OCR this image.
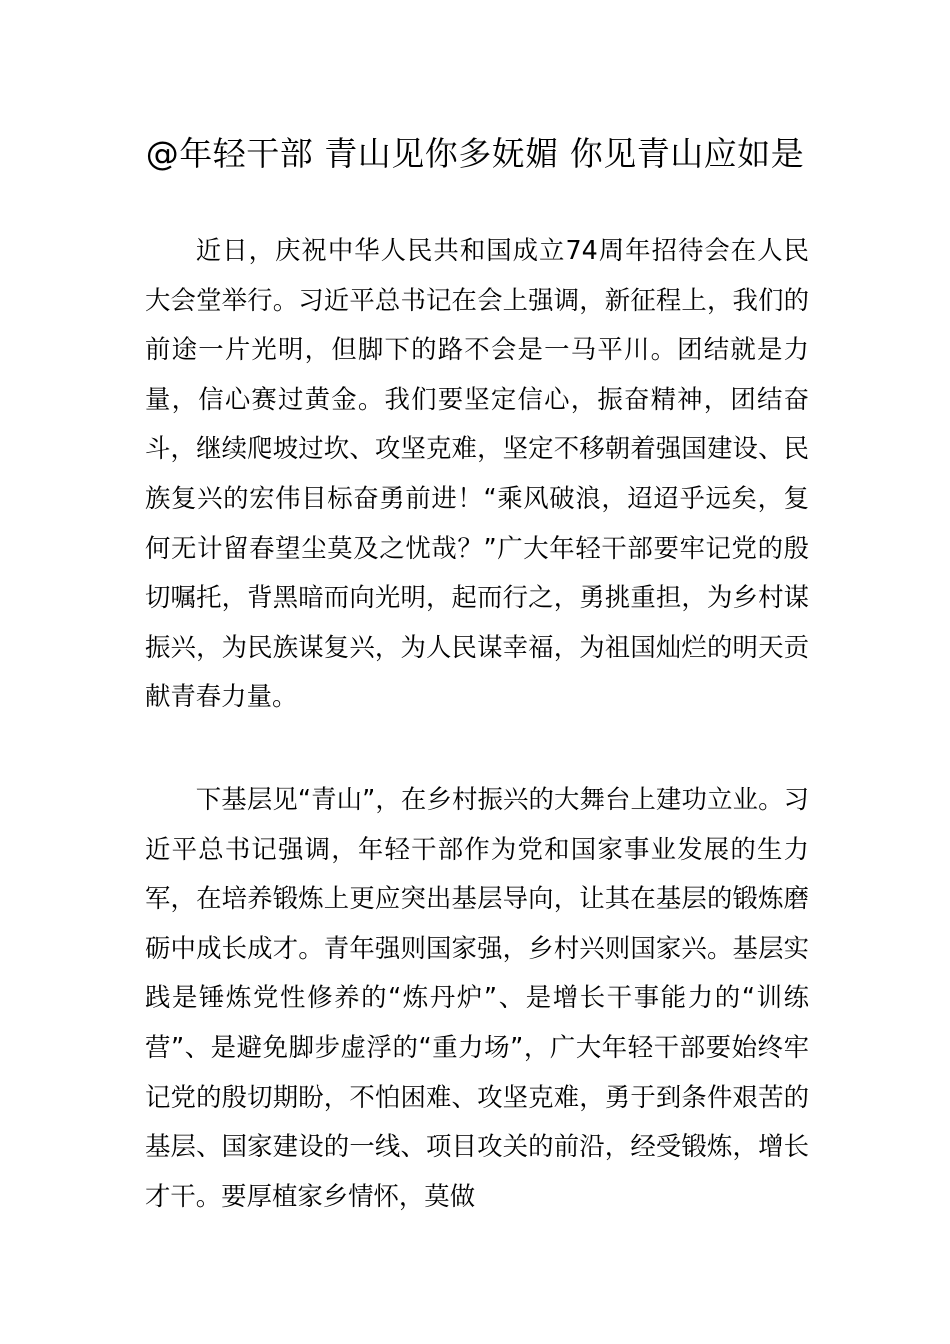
@年轻干部 青山见你多妩媚 你见青山应如是

近日，庆祝中华人民共和国成立74周年招待会在人民大会堂举行。习近平总书记在会上强调，新征程上，我们的前途一片光明，但脚下的路不会是一马平川。团结就是力量，信心赛过黄金。我们要坚定信心，振奋精神，团结奋斗，继续爬坡过坎、攻坚克难，坚定不移朝着强国建设、民族复兴的宏伟目标奋勇前进！“乘风破浪，迢迢乎远矣，复何无计留春望尘莫及之忧哉？”广大年轻干部要牢记党的殷切嘱托，背黑暗而向光明，起而行之，勇挑重担，为乡村谋振兴，为民族谋复兴，为人民谋幸福，为祖国灿烂的明天贡献青春力量。

下基层见“青山”，在乡村振兴的大舞台上建功立业。习近平总书记强调，年轻干部作为党和国家事业发展的生力军，在培养锻炼上更应突出基层导向，让其在基层的锻炼磨砺中成长成才。青年强则国家强，乡村兴则国家兴。基层实践是锤炼党性修养的“炼丹炉”、是增长干事能力的“训练营”、是避免脚步虚浮的“重力场”，广大年轻干部要始终牢记党的殷切期盼，不怕困难、攻坚克难，勇于到条件艰苦的基层、国家建设的一线、项目攻关的前沿，经受锻炼，增长才干。要厚植家乡情怀，莫做
